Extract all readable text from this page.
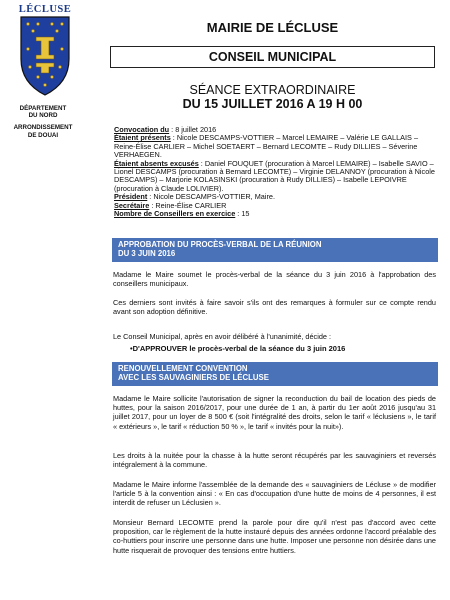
LÉCLUSE
DÉPARTEMENT
DU NORD
ARRONDISSEMENT
DE DOUAI
MAIRIE DE LÉCLUSE
CONSEIL MUNICIPAL
SÉANCE EXTRAORDINAIRE
DU 15 JUILLET 2016 A 19 H 00

Convocation du : 8 juillet 2016

Étaient présents : Nicole DESCAMPS-VOTTIER – Marcel LEMAIRE – Valérie LE GALLAIS – Reine-Élise CARLIER – Michel SOETAERT – Bernard LECOMTE – Rudy DILLIES – Séverine VERHAEGEN.

Étaient absents excusés : Daniel FOUQUET (procuration à Marcel LEMAIRE) – Isabelle SAVIO – Lionel DESCAMPS (procuration à Bernard LECOMTE) – Virginie DELANNOY (procuration à Nicole DESCAMPS) – Marjorie KOLASINSKI (procuration à Rudy DILLIES) – Isabelle LEPOIVRE (procuration à Claude LOLIVIER).

Président : Nicole DESCAMPS-VOTTIER, Maire.

Secrétaire : Reine-Élise CARLIER

Nombre de Conseillers en exercice : 15

APPROBATION DU PROCÈS-VERBAL DE LA RÉUNION
DU 3 JUIN 2016
Madame le Maire soumet le procès-verbal de la séance du 3 juin 2016 à l'approbation des conseillers municipaux.
Ces derniers sont invités à faire savoir s'ils ont des remarques à formuler sur ce compte rendu avant son adoption définitive.
Le Conseil Municipal, après en avoir délibéré à l'unanimité, décide :
•D'APPROUVER le procès-verbal de la séance du 3 juin 2016
RENOUVELLEMENT CONVENTION
AVEC LES SAUVAGINIERS DE LÉCLUSE
Madame le Maire sollicite l'autorisation de signer la reconduction du bail de location des pieds de huttes, pour la saison 2016/2017, pour une durée de 1 an, à partir du 1er août 2016 jusqu'au 31 juillet 2017, pour un loyer de 8 500 € (soit l'intégralité des droits, selon le tarif « léclusiens », le tarif « extérieurs », le tarif « réduction 50 % », le tarif « invités pour la nuit»).
Les droits à la nuitée pour la chasse à la hutte seront récupérés par les sauvaginiers et reversés intégralement à la commune.
Madame le Maire informe l'assemblée de la demande des « sauvaginiers de Lécluse » de modifier l'article 5 à la convention ainsi : « En cas d'occupation d'une hutte de moins de 4 personnes, il est interdit de refuser un Léclusien ».
Monsieur Bernard LECOMTE prend la parole pour dire qu'il n'est pas d'accord avec cette proposition, car le règlement de la hutte instauré depuis des années ordonne l'accord préalable des co-huttiers pour inscrire une personne dans une hutte. Imposer une personne non désirée dans une hutte risquerait de provoquer des tensions entre huttiers.
